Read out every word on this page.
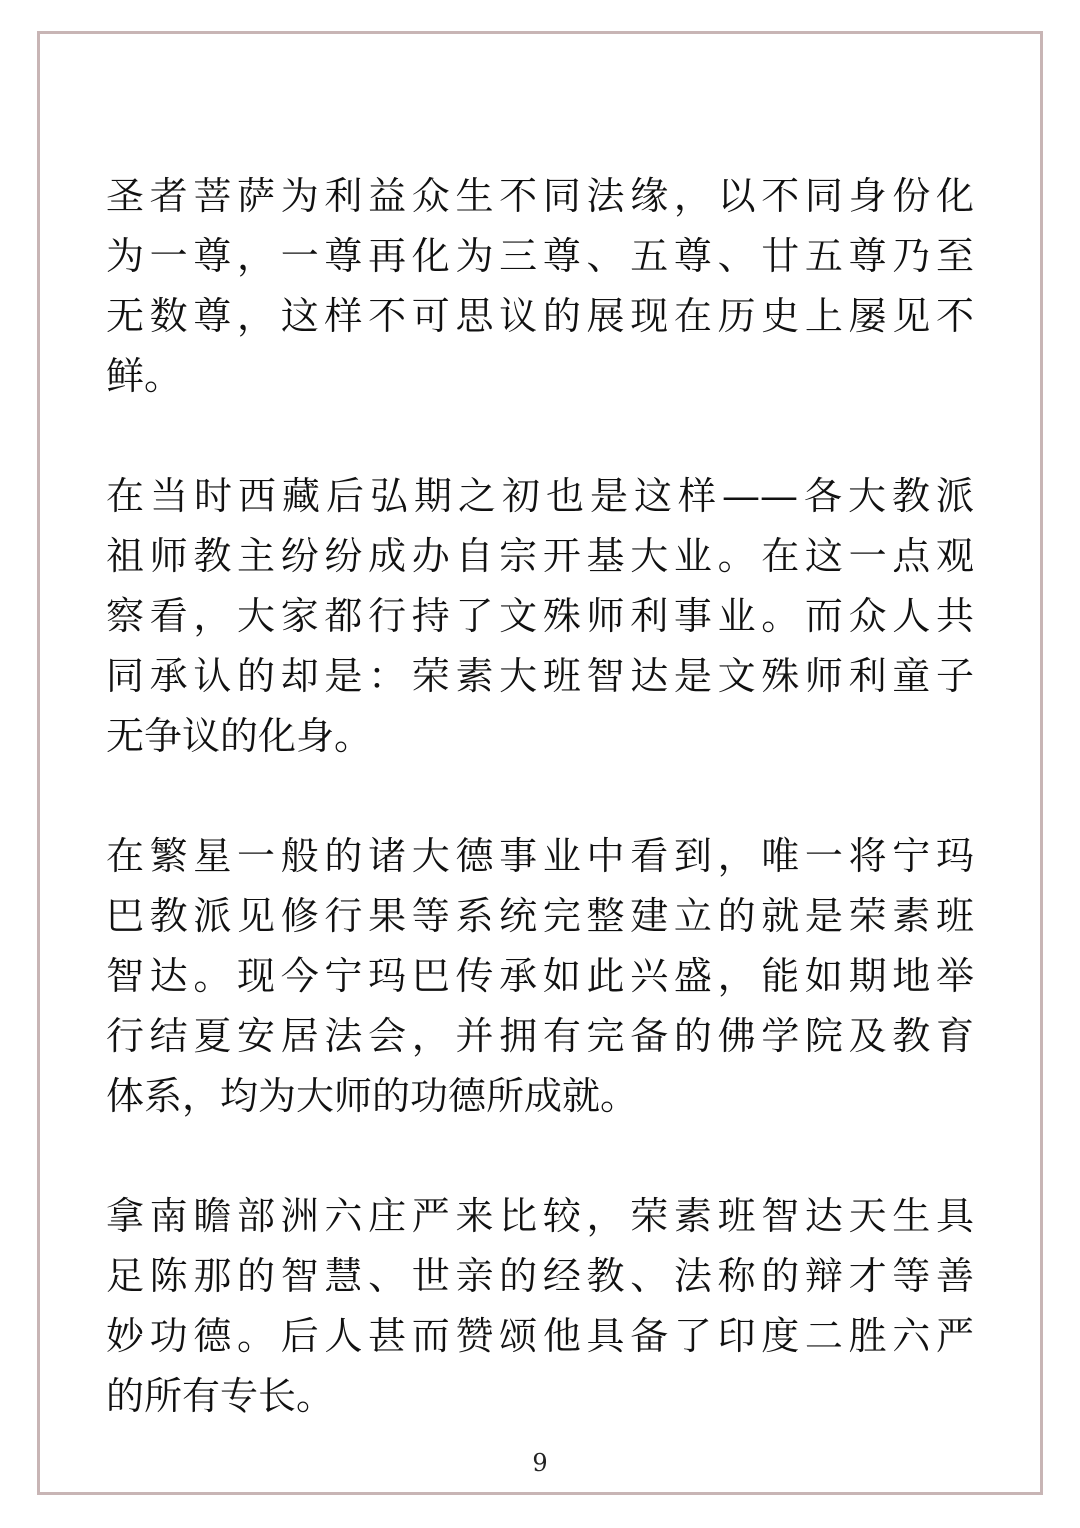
圣者菩萨为利益众生不同法缘，以不同身份化
为一尊，一尊再化为三尊、五尊、廿五尊乃至
无数尊，这样不可思议的展现在历史上屡见不
鲜。
在当时西藏后弘期之初也是这样——各大教派
祖师教主纷纷成办自宗开基大业。在这一点观
察看，大家都行持了文殊师利事业。而众人共
同承认的却是：荣素大班智达是文殊师利童子
无争议的化身。
在繁星一般的诸大德事业中看到，唯一将宁玛
巴教派见修行果等系统完整建立的就是荣素班
智达。现今宁玛巴传承如此兴盛，能如期地举
行结夏安居法会，并拥有完备的佛学院及教育
体系，均为大师的功德所成就。
拿南瞻部洲六庄严来比较，荣素班智达天生具
足陈那的智慧、世亲的经教、法称的辩才等善
妙功德。后人甚而赞颂他具备了印度二胜六严
的所有专长。
9
